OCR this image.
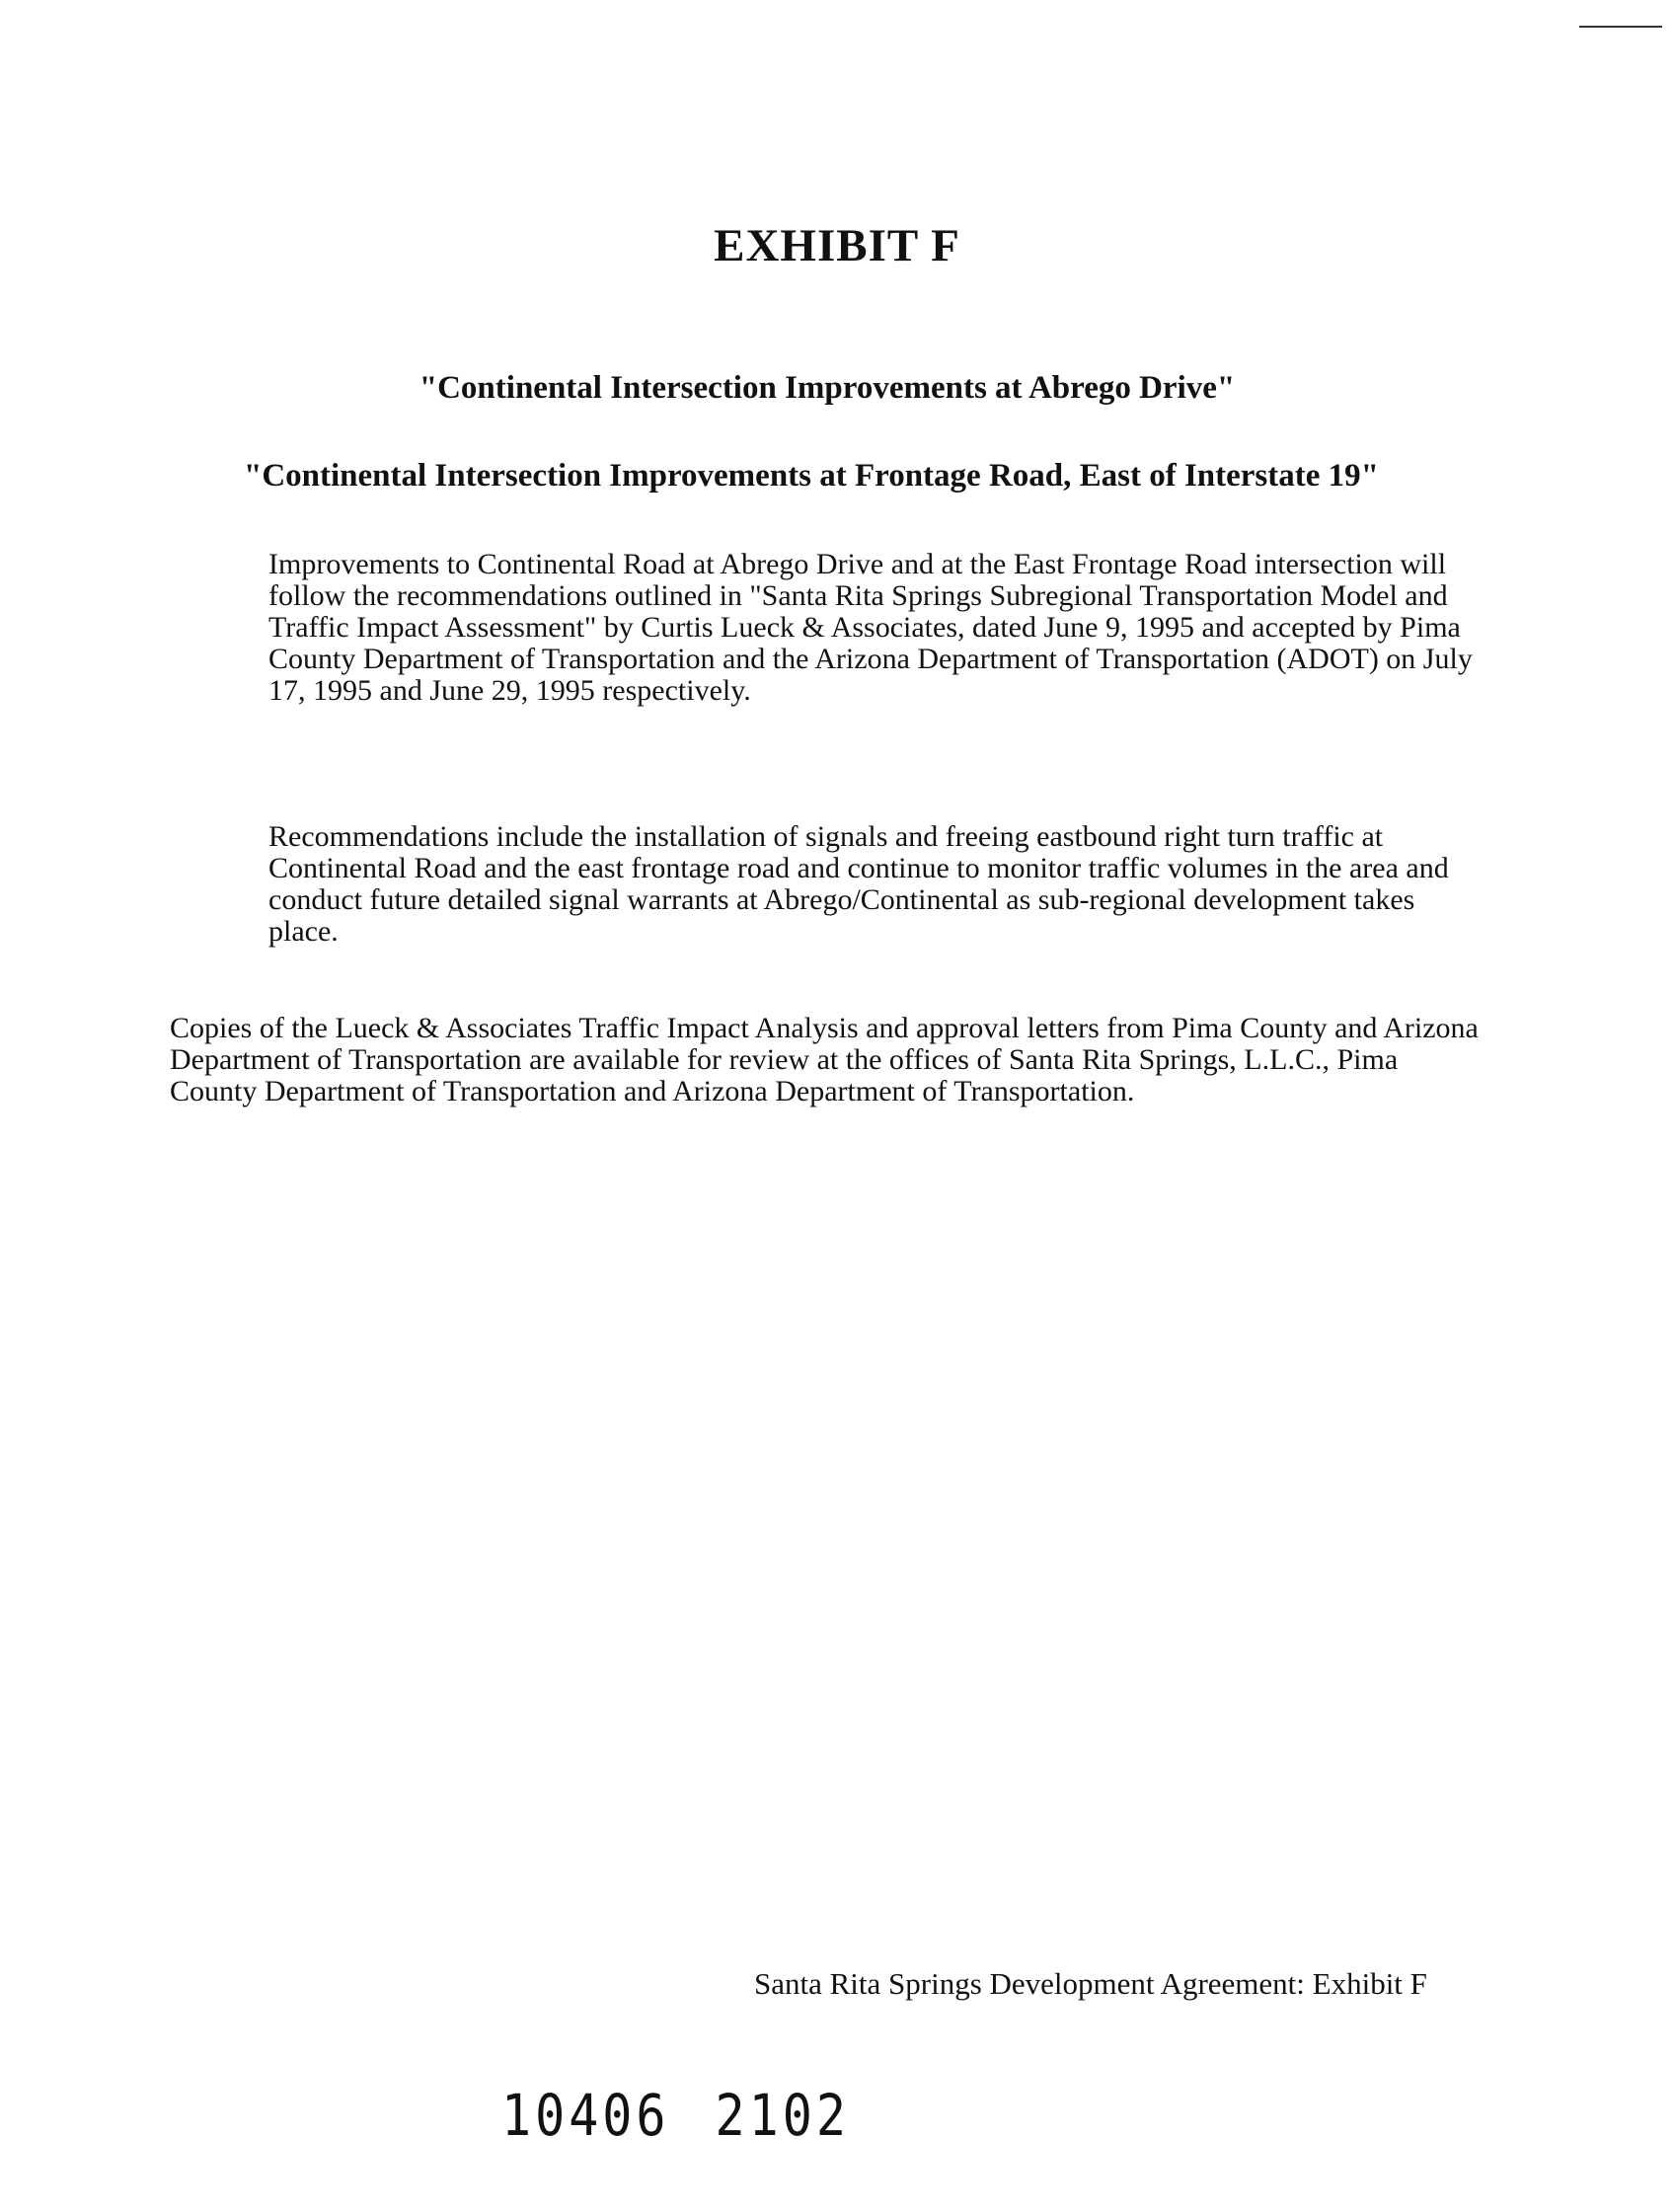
EXHIBIT F
"Continental Intersection Improvements at Abrego Drive"
"Continental Intersection Improvements at Frontage Road, East of Interstate 19"

Improvements to Continental Road at Abrego Drive and at the East Frontage Road intersection will follow the recommendations outlined in "Santa Rita Springs Subregional Transportation Model and Traffic Impact Assessment" by Curtis Lueck & Associates, dated June 9, 1995 and accepted by Pima County Department of Transportation and the Arizona Department of Transportation (ADOT) on July 17, 1995 and June 29, 1995 respectively.

Recommendations include the installation of signals and freeing eastbound right turn traffic at Continental Road and the east frontage road and continue to monitor traffic volumes in the area and conduct future detailed signal warrants at Abrego/Continental as sub-regional development takes place.

Copies of the Lueck & Associates Traffic Impact Analysis and approval letters from Pima County and Arizona Department of Transportation are available for review at the offices of Santa Rita Springs, L.L.C., Pima County Department of Transportation and Arizona Department of Transportation.

Santa Rita Springs Development Agreement: Exhibit F
10406 2102
